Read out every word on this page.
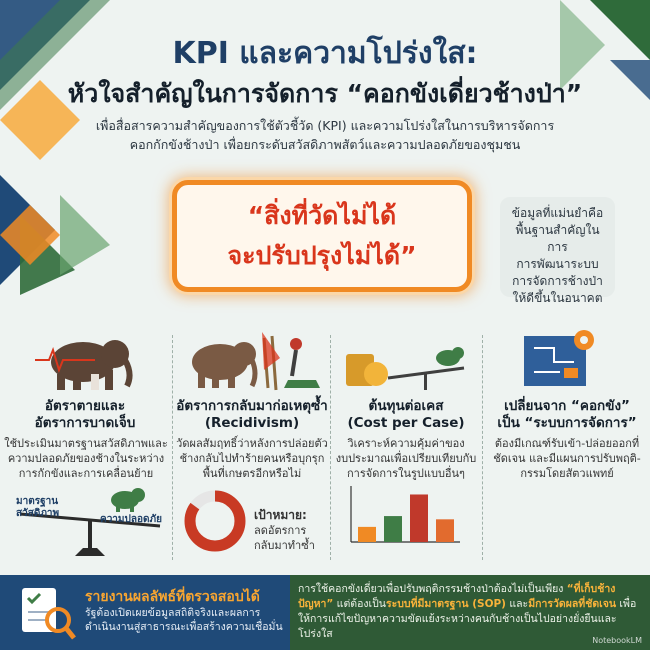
KPI และความโปร่งใส:
หัวใจสำคัญในการจัดการ “คอกขังเดี่ยวช้างป่า”
เพื่อสื่อสารความสำคัญของการใช้ตัวชี้วัด (KPI) และความโปร่งใสในการบริหารจัดการ
คอกกักขังช้างป่า เพื่อยกระดับสวัสดิภาพสัตว์และความปลอดภัยของชุมชน
“สิ่งที่วัดไม่ได้
จะปรับปรุงไม่ได้”
ข้อมูลที่แม่นยำคือ
พื้นฐานสำคัญในการ
การพัฒนาระบบ
การจัดการช้างป่า
ให้ดีขึ้นในอนาคต
อัตราตายและ
อัตราการบาดเจ็บ
ใช้ประเมินมาตรฐานสวัสดิภาพและ
ความปลอดภัยของช้างในระหว่าง
การกักขังและการเคลื่อนย้าย
มาตรฐาน
สวัสดิภาพ
ความปลอดภัย
อัตราการกลับมาก่อเหตุซ้ำ
(Recidivism)
วัดผลสัมฤทธิ์ว่าหลังการปล่อยตัว
ช้างกลับไปทำร้ายคนหรือบุกรุก
พื้นที่เกษตรอีกหรือไม่
เป้าหมาย:
ลดอัตรการ
กลับมาทำซ้ำ
ต้นทุนต่อเคส
(Cost per Case)
วิเคราะห์ความคุ้มค่าของ
งบประมาณเพื่อเปรียบเทียบกับ
การจัดการในรูปแบบอื่นๆ
เปลี่ยนจาก “คอกขัง”
เป็น “ระบบการจัดการ”
ต้องมีเกณฑ์รับเข้า-ปล่อยออกที่
ชัดเจน และมีแผนการปรับพฤติ-
กรรมโดยสัตวแพทย์
รายงานผลลัพธ์ที่ตรวจสอบได้
รัฐต้องเปิดเผยข้อมูลสถิติจริงและผลการ
ดำเนินงานสู่สาธารณะเพื่อสร้างความเชื่อมั่น
การใช้คอกขังเดี่ยวเพื่อปรับพฤติกรรมช้างป่าต้องไม่เป็นเพียง “ที่เก็บช้างปัญหา” แต่ต้องเป็นระบบที่มีมาตรฐาน (SOP) และมีการวัดผลที่ชัดเจน เพื่อให้การแก้ไขปัญหาความขัดแย้งระหว่างคนกับช้างเป็นไปอย่างยั่งยืนและโปร่งใส
NotebookLM
